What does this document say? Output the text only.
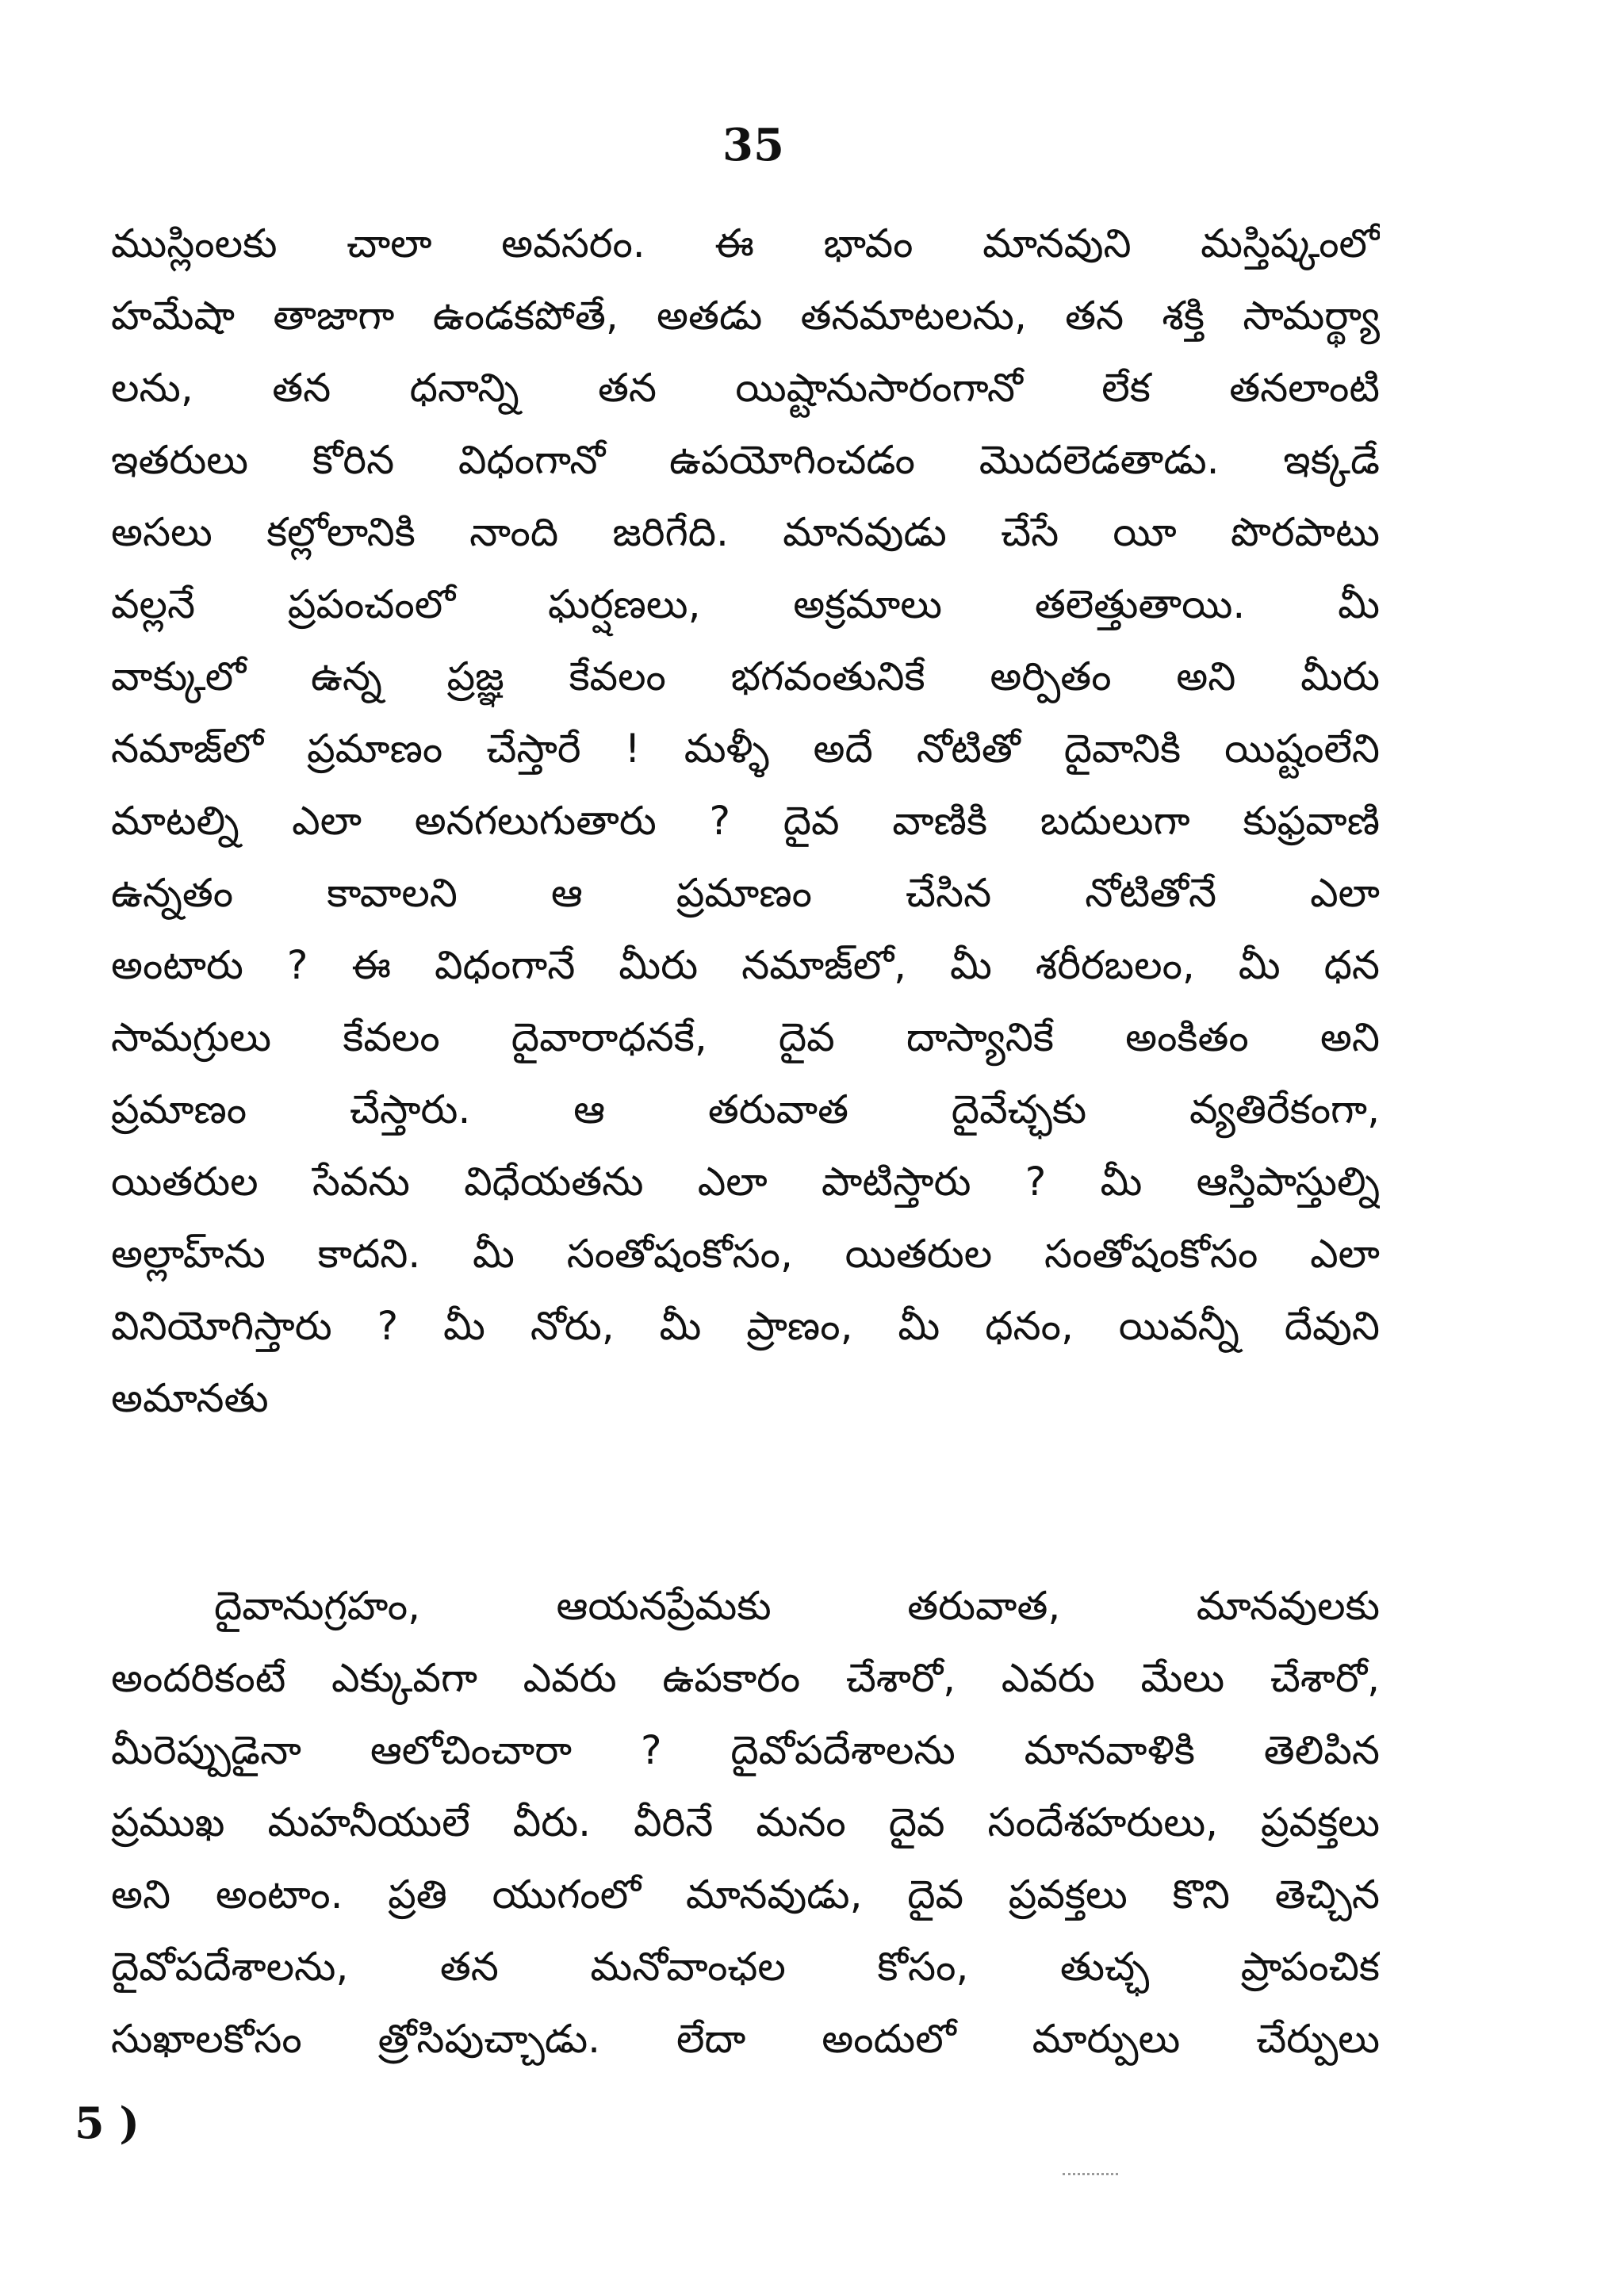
35
ముస్లింలకు చాలా అవసరం. ఈ భావం మానవుని మస్తిష్కంలో
హమేషా తాజాగా ఉండకపోతే, అతడు తనమాటలను, తన శక్తి సామర్థ్యా
లను, తన ధనాన్ని తన యిష్టానుసారంగానో లేక తనలాంటి
ఇతరులు కోరిన విధంగానో ఉపయోగించడం మొదలెడతాడు. ఇక్కడే
అసలు కల్లోలానికి నాంది జరిగేది. మానవుడు చేసే యీ పొరపాటు
వల్లనే ప్రపంచంలో ఘర్షణలు, అక్రమాలు తలెత్తుతాయి. మీ
వాక్కులో ఉన్న ప్రజ్ఞ కేవలం భగవంతునికే అర్పితం అని మీరు
నమాజ్‌లో ప్రమాణం చేస్తారే ! మళ్ళీ అదే నోటితో దైవానికి యిష్టంలేని
మాటల్ని ఎలా అనగలుగుతారు ? దైవ వాణికి బదులుగా కుఫ్రవాణి
ఉన్నతం కావాలని ఆ ప్రమాణం చేసిన నోటితోనే ఎలా
అంటారు ? ఈ విధంగానే మీరు నమాజ్‌లో, మీ శరీరబలం, మీ ధన
సామగ్రులు కేవలం దైవారాధనకే, దైవ దాస్యానికే అంకితం అని
ప్రమాణం చేస్తారు. ఆ తరువాత దైవేచ్ఛకు వ్యతిరేకంగా,
యితరుల సేవను విధేయతను ఎలా పాటిస్తారు ? మీ ఆస్తిపాస్తుల్ని
అల్లాహ్‌ను కాదని. మీ సంతోషంకోసం, యితరుల సంతోషంకోసం ఎలా
వినియోగిస్తారు ? మీ నోరు, మీ ప్రాణం, మీ ధనం, యివన్నీ దేవుని
అమానతు
దైవానుగ్రహం, ఆయనప్రేమకు తరువాత, మానవులకు
అందరికంటే ఎక్కువగా ఎవరు ఉపకారం చేశారో, ఎవరు మేలు చేశారో,
మీరెప్పుడైనా ఆలోచించారా ? దైవోపదేశాలను మానవాళికి తెలిపిన
ప్రముఖ మహనీయులే వీరు. వీరినే మనం దైవ సందేశహరులు, ప్రవక్తలు
అని అంటాం. ప్రతి యుగంలో మానవుడు, దైవ ప్రవక్తలు కొని తెచ్చిన
దైవోపదేశాలను, తన మనోవాంఛల కోసం, తుచ్ఛ ప్రాపంచిక
సుఖాలకోసం త్రోసిపుచ్చాడు. లేదా అందులో మార్పులు చేర్పులు
5 )
